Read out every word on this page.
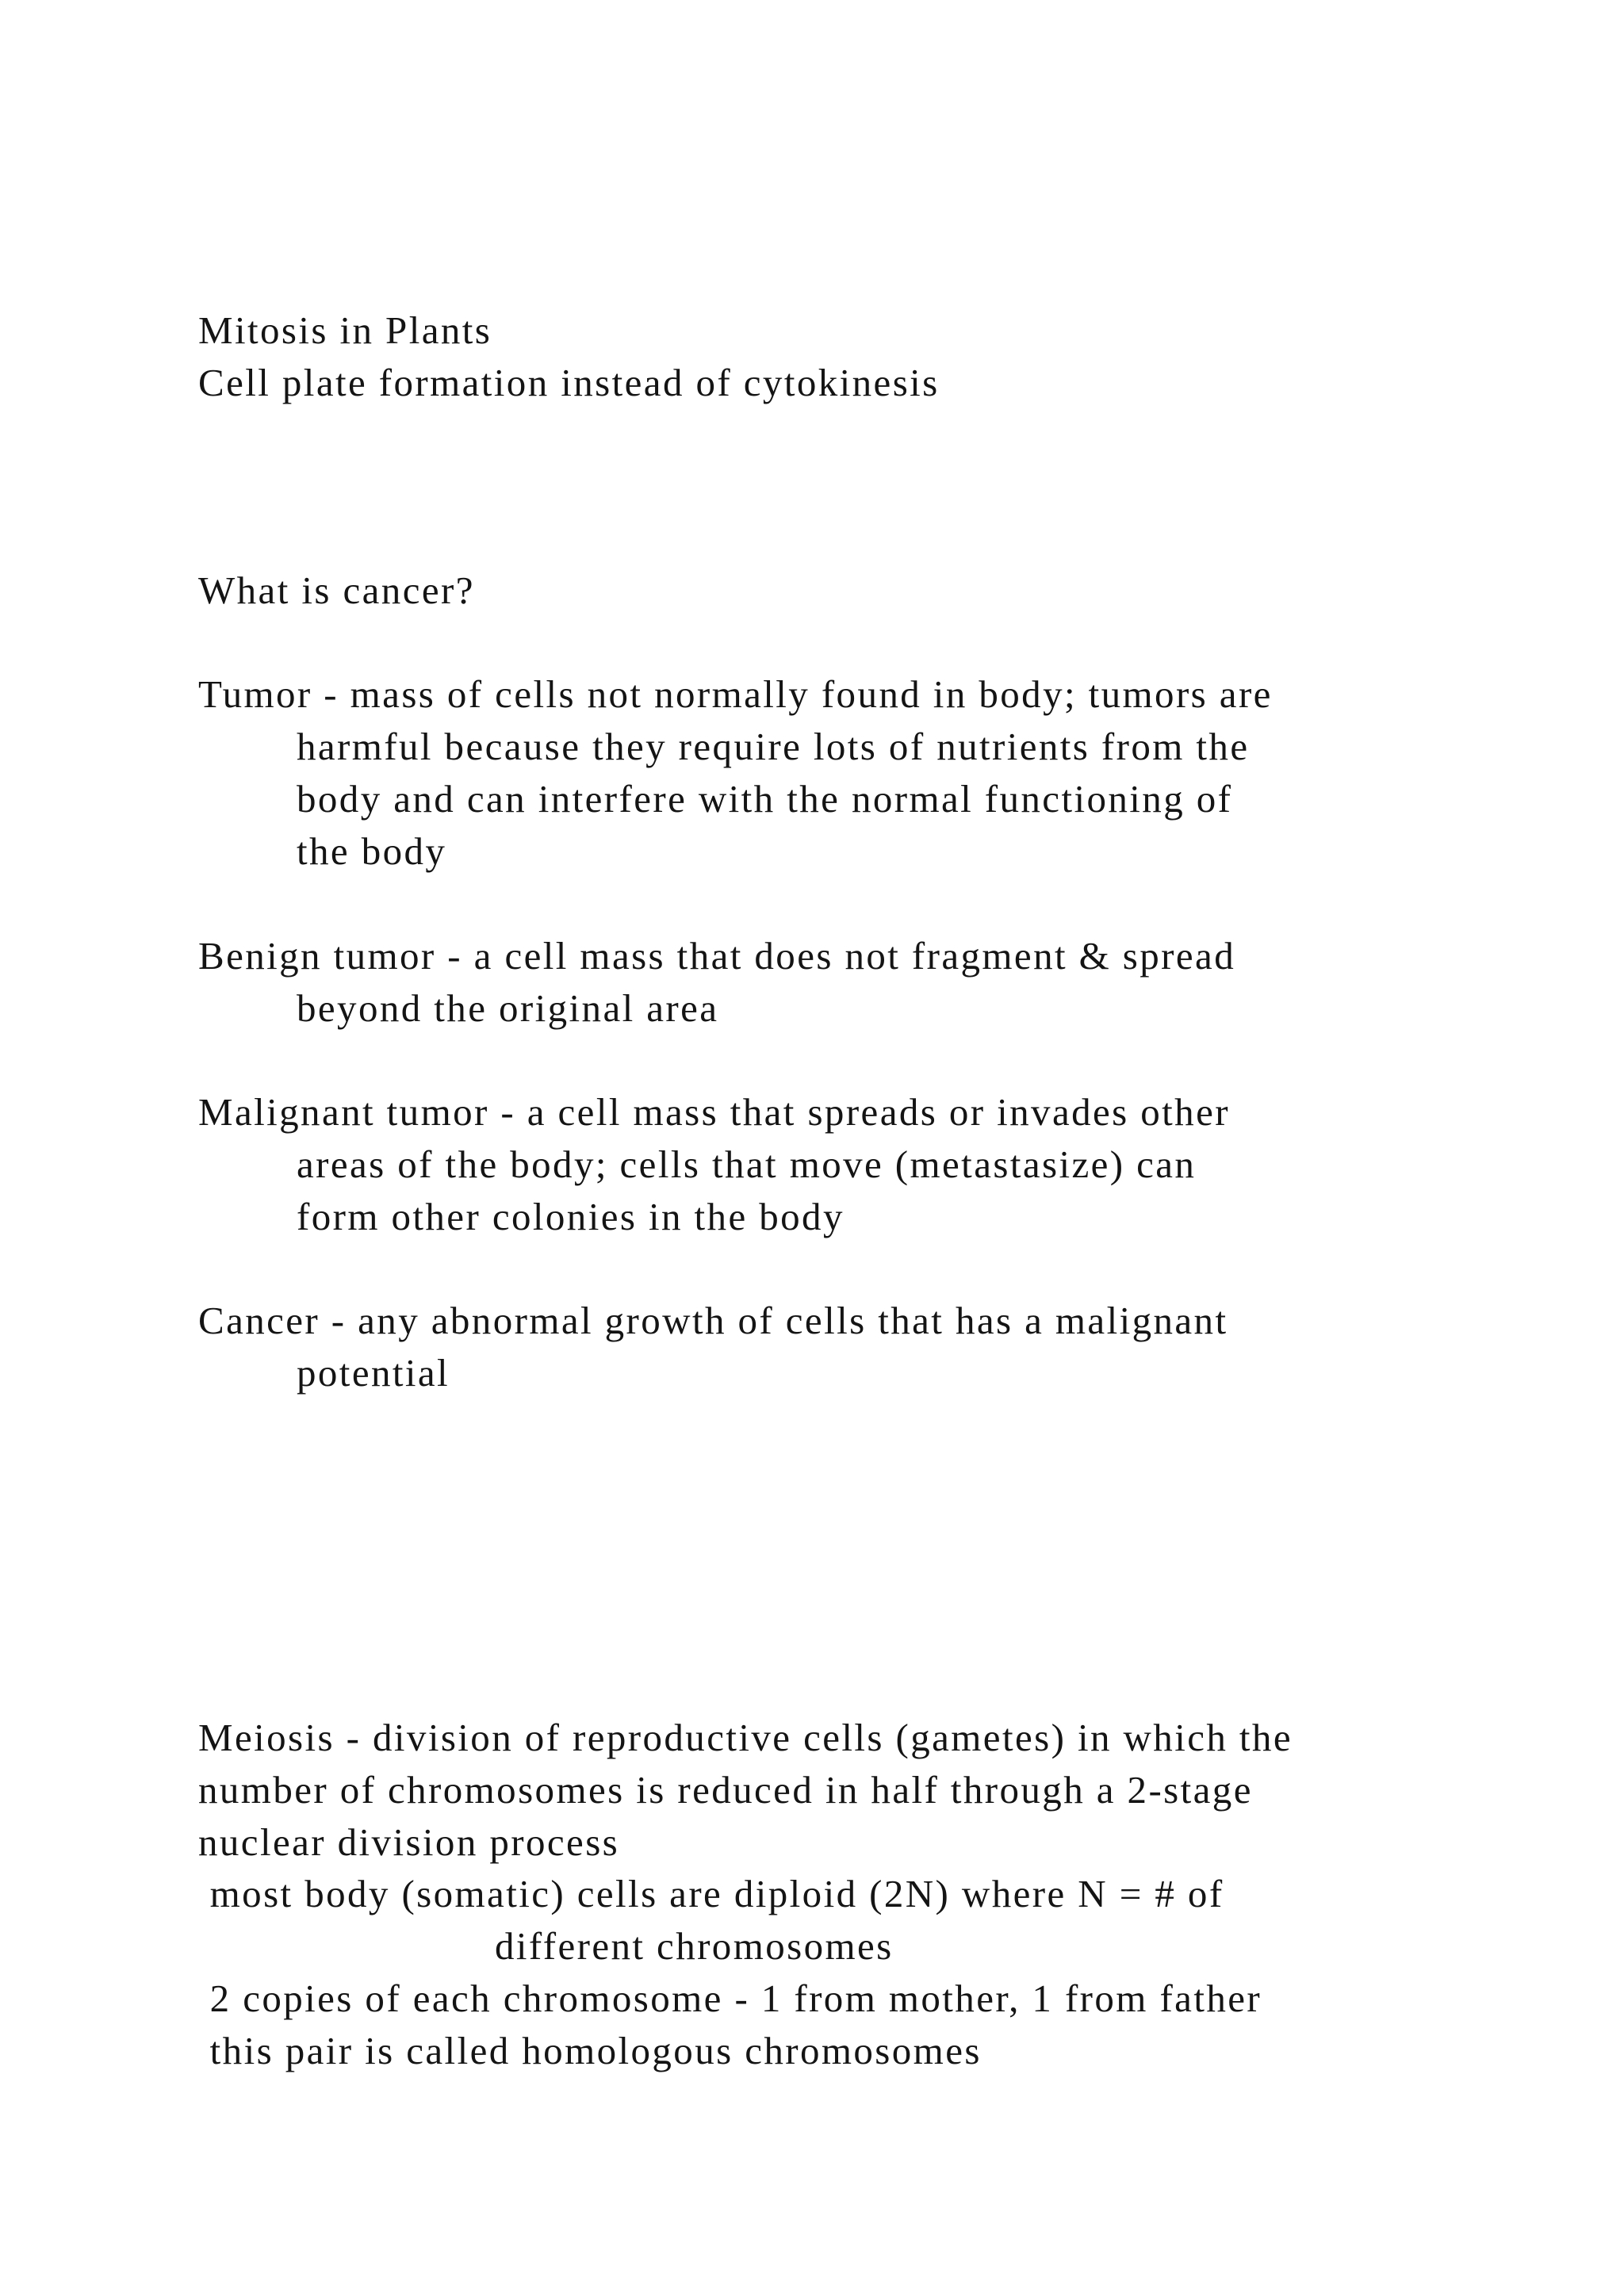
Mitosis in Plants

Cell plate formation instead of cytokinesis

What is cancer?

Tumor - mass of cells not normally found in body; tumors are

harmful because they require lots of nutrients from the

body and can interfere with the normal functioning of

the body

Benign tumor - a cell mass that does not fragment & spread

beyond the original area

Malignant tumor - a cell mass that spreads or invades other

areas of the body; cells that move (metastasize) can

form other colonies in the body

Cancer - any abnormal growth of cells that has a malignant

potential

Meiosis - division of reproductive cells (gametes) in which the

number of chromosomes is reduced in half through a 2-stage

nuclear division process

most body (somatic) cells are diploid (2N) where N = # of

different chromosomes

2 copies of each chromosome - 1 from mother, 1 from father

this pair is called homologous chromosomes
